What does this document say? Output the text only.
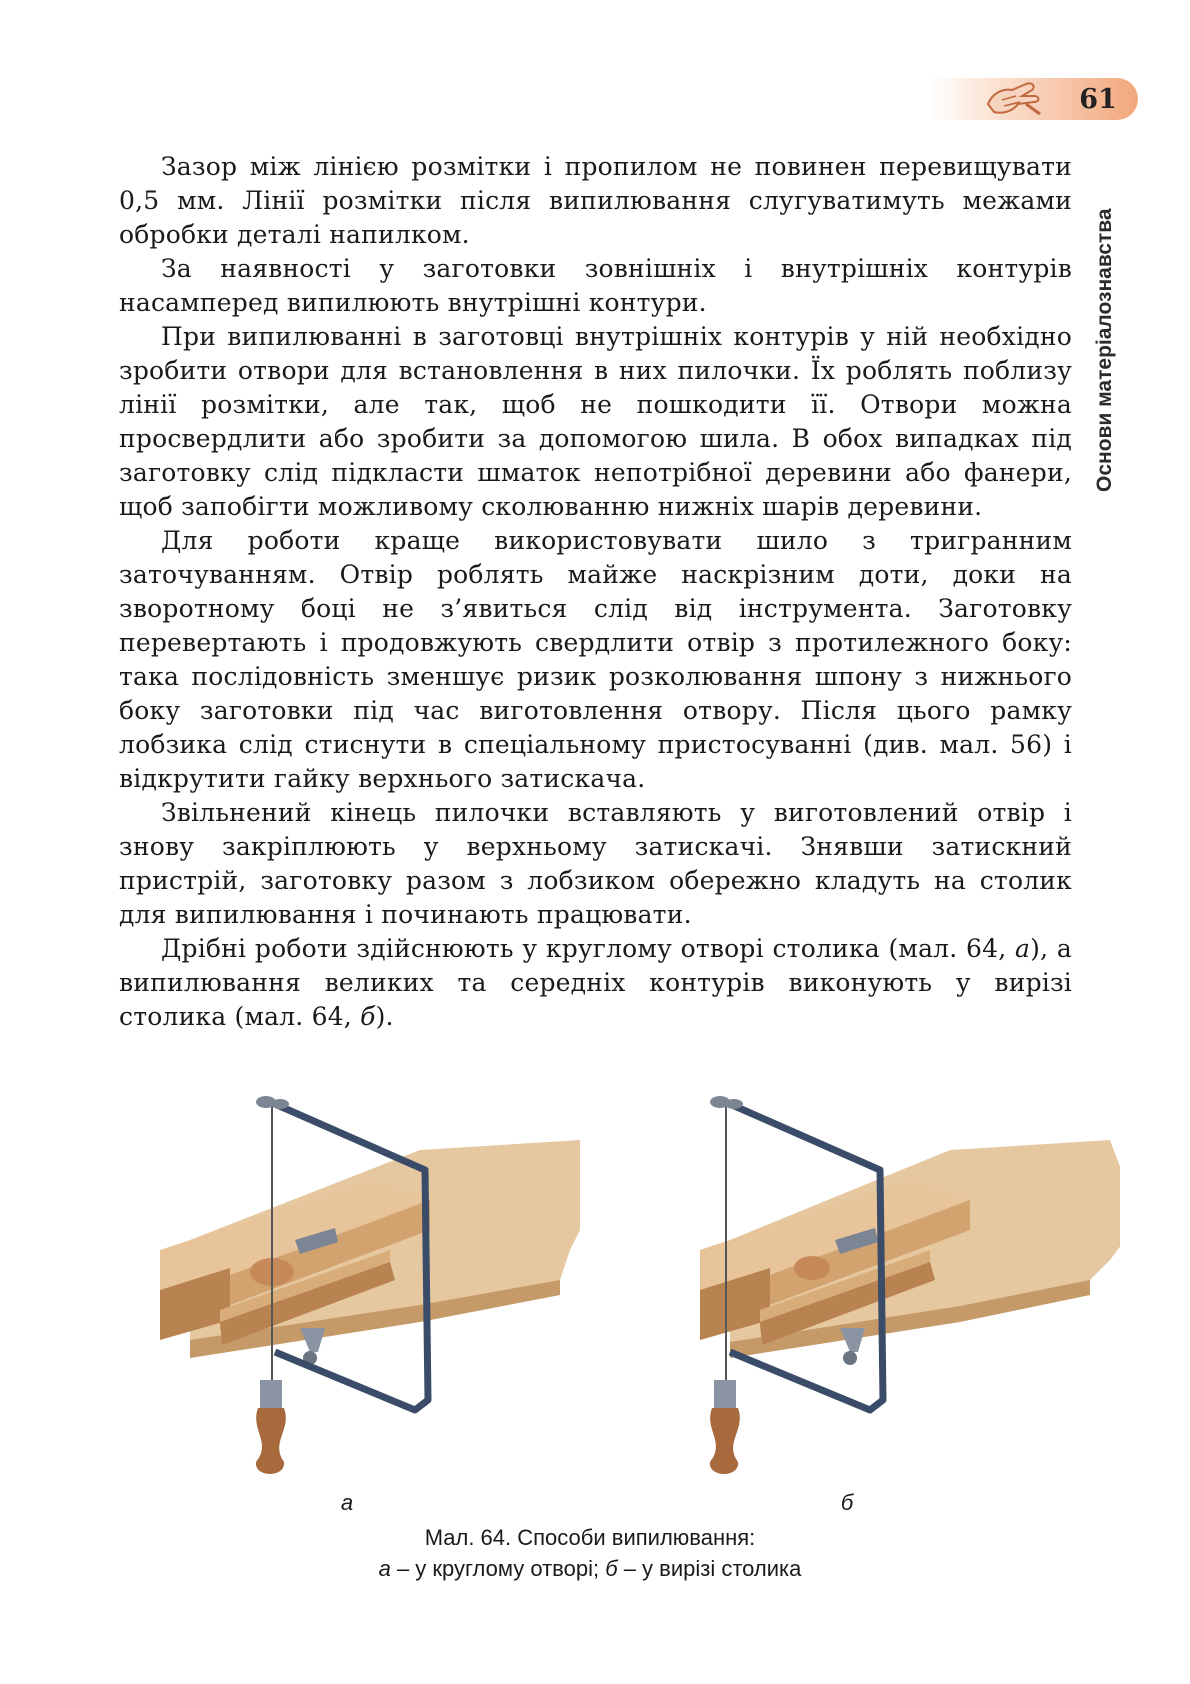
61
Основи матеріалознавства

Зазор між лінією розмітки і пропилом не повинен перевищувати 0,5 мм. Лінії розмітки після випилювання слугуватимуть межами обробки деталі напилком.

За наявності у заготовки зовнішніх і внутрішніх контурів насамперед випилюють внутрішні контури.

При випилюванні в заготовці внутрішніх контурів у ній необхідно зробити отвори для встановлення в них пилочки. Їх роблять поблизу лінії розмітки, але так, щоб не пошкодити її. Отвори можна просвердлити або зробити за допомогою шила. В обох випадках під заготовку слід підкласти шматок непотрібної деревини або фанери, щоб запобігти можливому сколюванню нижніх шарів деревини.

Для роботи краще використовувати шило з тригранним заточуванням. Отвір роблять майже наскрізним доти, доки на зворотному боці не з’явиться слід від інструмента. Заготовку перевертають і продовжують свердлити отвір з протилежного боку: така послідовність зменшує ризик розколювання шпону з нижнього боку заготовки під час виготовлення отвору. Після цього рамку лобзика слід стиснути в спеціальному пристосуванні (див. мал. 56) і відкрутити гайку верхнього затискача.

Звільнений кінець пилочки вставляють у виготовлений отвір і знову закріплюють у верхньому затискачі. Знявши затискний пристрій, заготовку разом з лобзиком обережно кладуть на столик для випилювання і починають працювати.

Дрібні роботи здійснюють у круглому отворі столика (мал. 64, а), а випилювання великих та середніх контурів виконують у вирізі столика (мал. 64, б).

а	б
Мал. 64. Способи випилювання:
а – у круглому отворі; б – у вирізі столика
